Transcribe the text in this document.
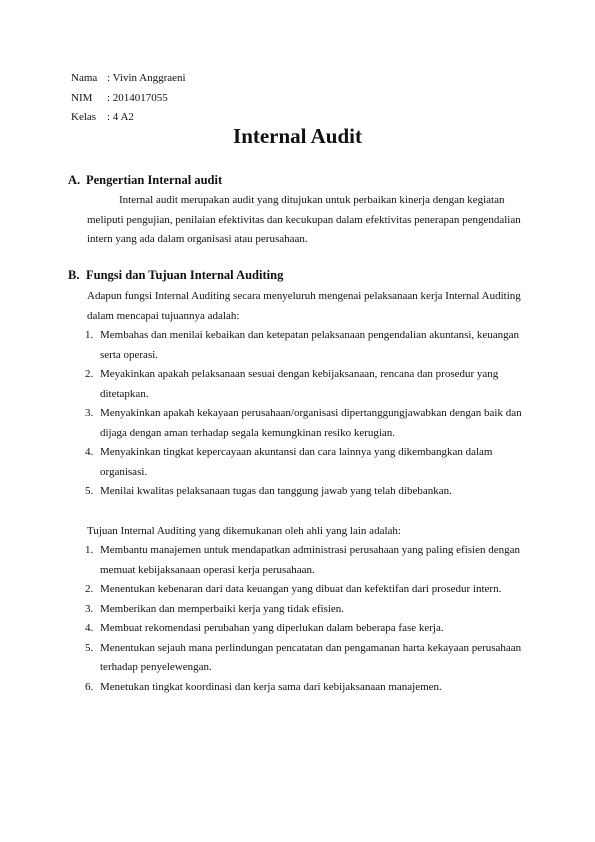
Nama : Vivin Anggraeni
NIM	: 2014017055
Kelas : 4 A2
Internal Audit
A. Pengertian Internal audit

Internal audit merupakan audit yang ditujukan untuk perbaikan kinerja dengan kegiatan meliputi pengujian, penilaian efektivitas dan kecukupan dalam efektivitas penerapan pengendalian intern yang ada dalam organisasi atau perusahaan.

B. Fungsi dan Tujuan Internal Auditing

Adapun fungsi Internal Auditing secara menyeluruh mengenai pelaksanaan kerja Internal Auditing dalam mencapai tujuannya adalah:

1. Membahas dan menilai kebaikan dan ketepatan pelaksanaan pengendalian akuntansi, keuangan serta operasi.
2. Meyakinkan apakah pelaksanaan sesuai dengan kebijaksanaan, rencana dan prosedur yang ditetapkan.
3. Menyakinkan apakah kekayaan perusahaan/organisasi dipertanggungjawabkan dengan baik dan dijaga dengan aman terhadap segala kemungkinan resiko kerugian.
4. Menyakinkan tingkat kepercayaan akuntansi dan cara lainnya yang dikembangkan dalam organisasi.
5. Menilai kwalitas pelaksanaan tugas dan tanggung jawab yang telah dibebankan.

Tujuan Internal Auditing yang dikemukanan oleh ahli yang lain adalah:

1. Membantu manajemen untuk mendapatkan administrasi perusahaan yang paling efisien dengan memuat kebijaksanaan operasi kerja perusahaan.
2. Menentukan kebenaran dari data keuangan yang dibuat dan kefektifan dari prosedur intern.
3. Memberikan dan memperbaiki kerja yang tidak efisien.
4. Membuat rekomendasi perubahan yang diperlukan dalam beberapa fase kerja.
5. Menentukan sejauh mana perlindungan pencatatan dan pengamanan harta kekayaan perusahaan terhadap penyelewengan.
6. Menetukan tingkat koordinasi dan kerja sama dari kebijaksanaan manajemen.
